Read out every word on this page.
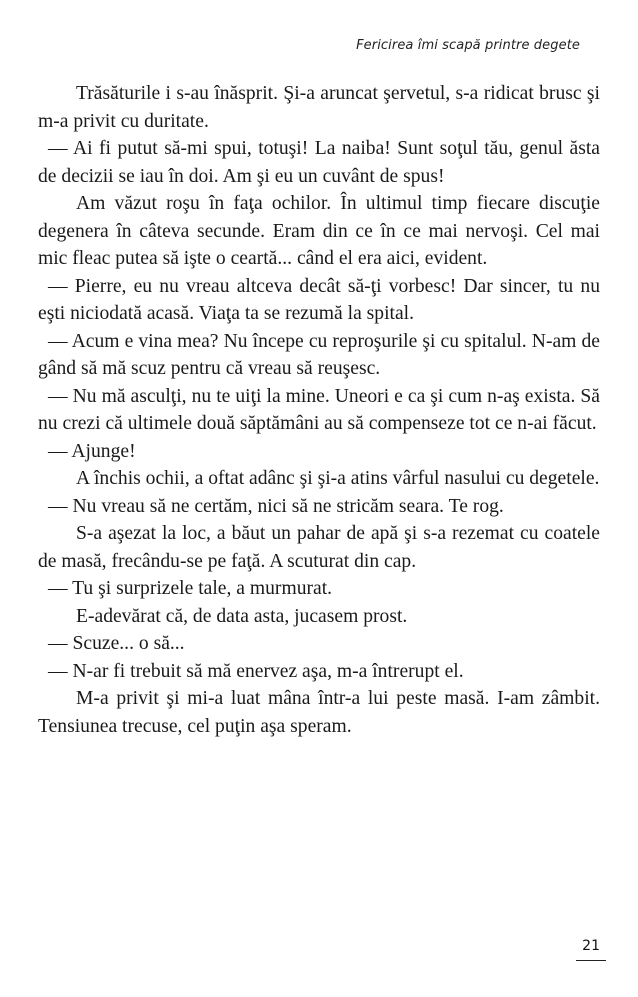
Fericirea îmi scapă printre degete

Trăsăturile i s-au înăsprit. Şi-a aruncat şervetul, s-a ridicat brusc şi m-a privit cu duritate.

— Ai fi putut să-mi spui, totuşi! La naiba! Sunt soţul tău, genul ăsta de decizii se iau în doi. Am şi eu un cuvânt de spus!

Am văzut roşu în faţa ochilor. În ultimul timp fiecare discuţie degenera în câteva secunde. Eram din ce în ce mai nervoşi. Cel mai mic fleac putea să işte o ceartă... când el era aici, evident.

— Pierre, eu nu vreau altceva decât să-ţi vorbesc! Dar sincer, tu nu eşti niciodată acasă. Viaţa ta se rezumă la spital.

— Acum e vina mea? Nu începe cu reproşurile şi cu spitalul. N-am de gând să mă scuz pentru că vreau să reuşesc.

— Nu mă asculţi, nu te uiţi la mine. Uneori e ca şi cum n-aş exista. Să nu crezi că ultimele două săptămâni au să compenseze tot ce n-ai făcut.

— Ajunge!

A închis ochii, a oftat adânc şi şi-a atins vârful nasului cu degetele.

— Nu vreau să ne certăm, nici să ne stricăm seara. Te rog.

S-a aşezat la loc, a băut un pahar de apă şi s-a rezemat cu coatele de masă, frecându-se pe faţă. A scuturat din cap.

— Tu şi surprizele tale, a murmurat.

E-adevărat că, de data asta, jucasem prost.

— Scuze... o să...

— N-ar fi trebuit să mă enervez aşa, m-a întrerupt el.

M-a privit şi mi-a luat mâna într-a lui peste masă. I-am zâmbit. Tensiunea trecuse, cel puţin aşa speram.

21
